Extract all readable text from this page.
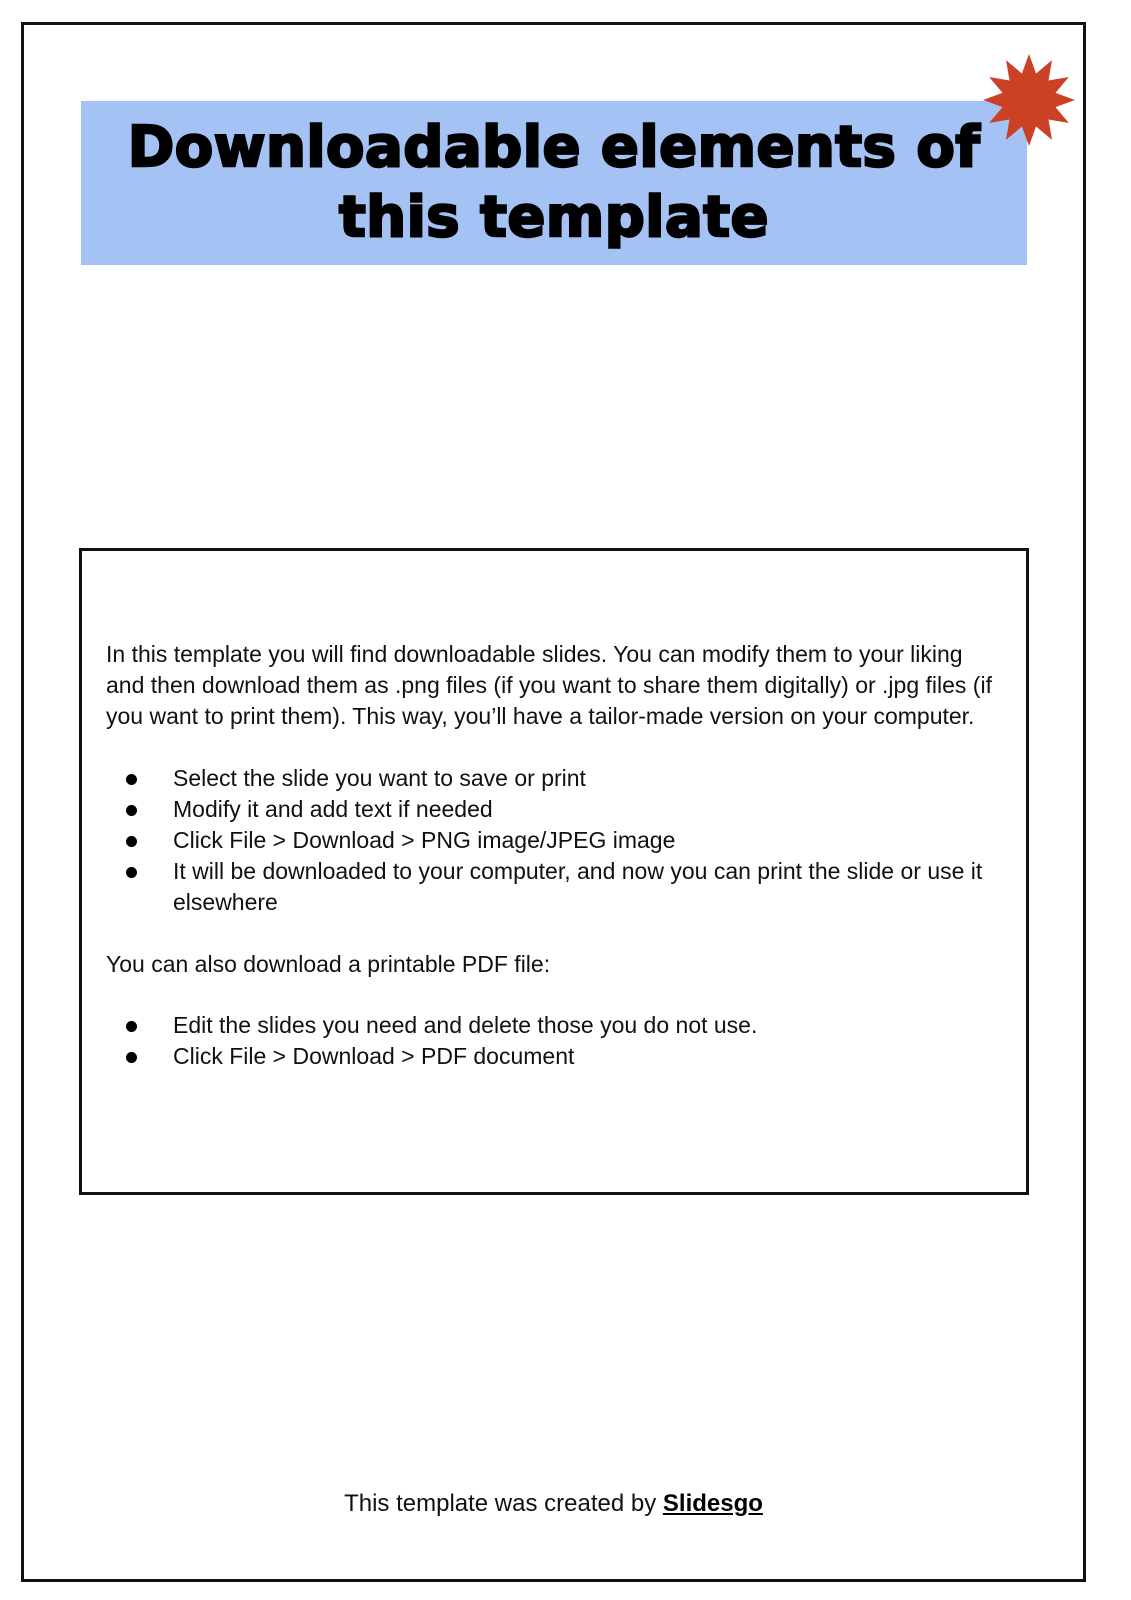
Downloadable elements of
this template

In this template you will find downloadable slides. You can modify them to your liking and then download them as .png files (if you want to share them digitally) or .jpg files (if you want to print them). This way, you’ll have a tailor-made version on your computer.

Select the slide you want to save or print
Modify it and add text if needed
Click File > Download > PNG image/JPEG image
It will be downloaded to your computer, and now you can print the slide or use it elsewhere

You can also download a printable PDF file:

Edit the slides you need and delete those you do not use.
Click File > Download > PDF document
This template was created by Slidesgo
